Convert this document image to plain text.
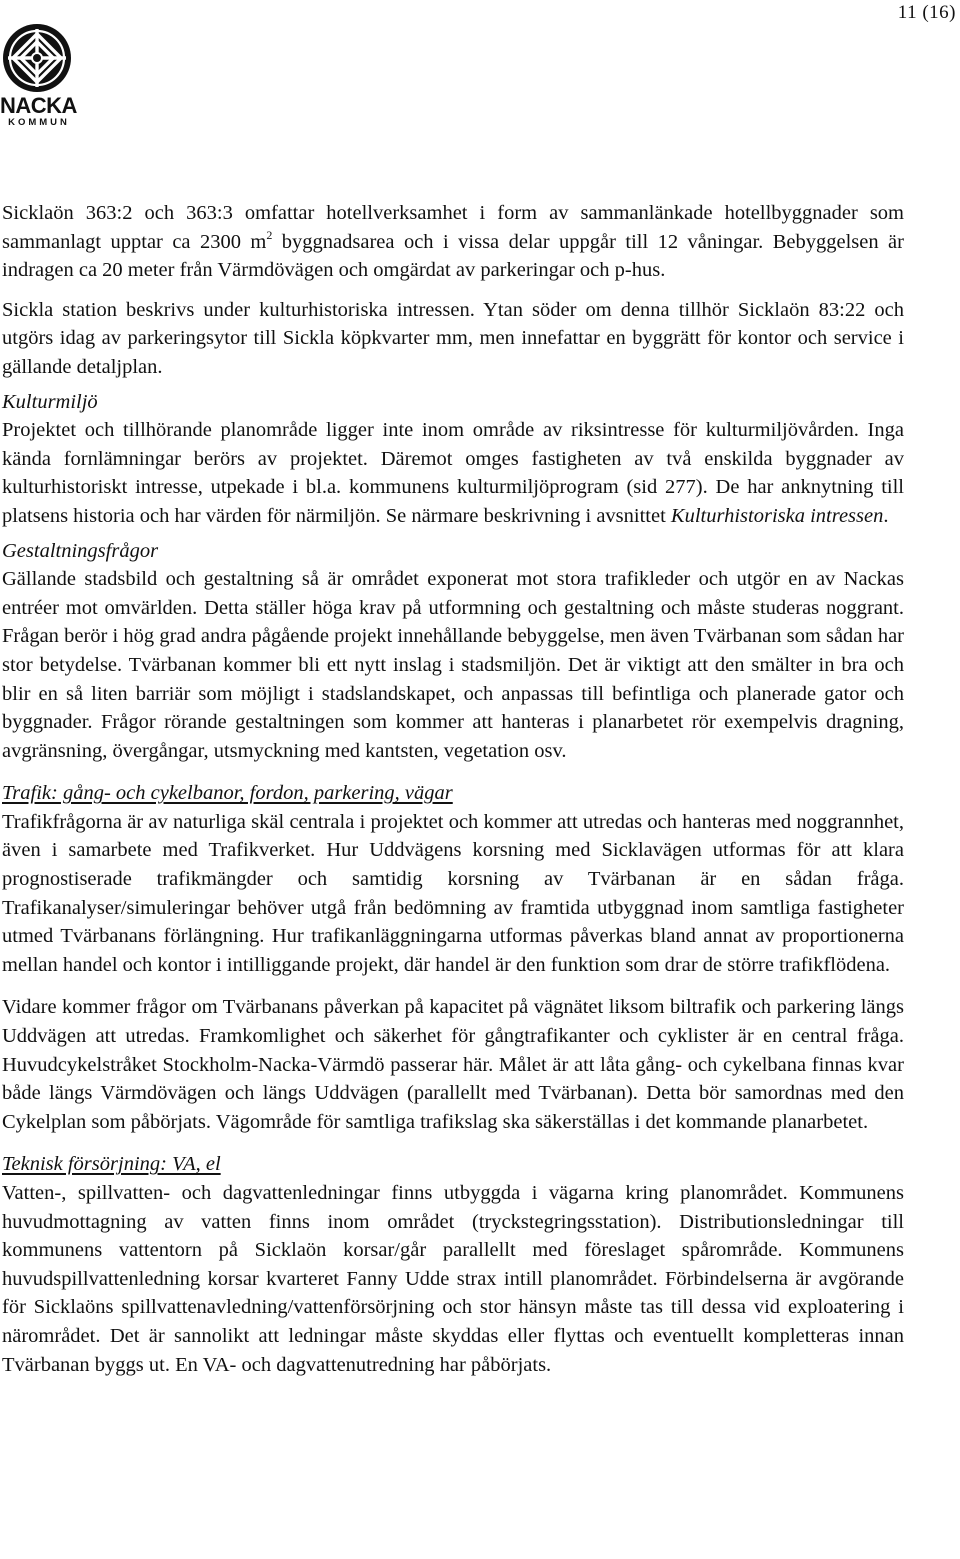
11 (16)
NACKA
KOMMUN

Sicklaön 363:2 och 363:3 omfattar hotellverksamhet i form av sammanlänkade hotellbyggnader som sammanlagt upptar ca 2300 $m^2$ byggnadsarea och i vissa delar uppgår till 12 våningar. Bebyggelsen är indragen ca 20 meter från Värmdövägen och omgärdat av parkeringar och p-hus.

Sickla station beskrivs under kulturhistoriska intressen. Ytan söder om denna tillhör Sicklaön 83:22 och utgörs idag av parkeringsytor till Sickla köpkvarter mm, men innefattar en byggrätt för kontor och service i gällande detaljplan.

Kulturmiljö

Projektet och tillhörande planområde ligger inte inom område av riksintresse för kulturmiljövården. Inga kända fornlämningar berörs av projektet. Däremot omges fastigheten av två enskilda byggnader av kulturhistoriskt intresse, utpekade i bl.a. kommunens kulturmiljöprogram (sid 277). De har anknytning till platsens historia och har värden för närmiljön. Se närmare beskrivning i avsnittet Kulturhistoriska intressen.

Gestaltningsfrågor

Gällande stadsbild och gestaltning så är området exponerat mot stora trafikleder och utgör en av Nackas entréer mot omvärlden. Detta ställer höga krav på utformning och gestaltning och måste studeras noggrant. Frågan berör i hög grad andra pågående projekt innehållande bebyggelse, men även Tvärbanan som sådan har stor betydelse. Tvärbanan kommer bli ett nytt inslag i stadsmiljön. Det är viktigt att den smälter in bra och blir en så liten barriär som möjligt i stadslandskapet, och anpassas till befintliga och planerade gator och byggnader. Frågor rörande gestaltningen som kommer att hanteras i planarbetet rör exempelvis dragning, avgränsning, övergångar, utsmyckning med kantsten, vegetation osv.

Trafik: gång- och cykelbanor, fordon, parkering, vägar

Trafikfrågorna är av naturliga skäl centrala i projektet och kommer att utredas och hanteras med noggrannhet, även i samarbete med Trafikverket. Hur Uddvägens korsning med Sicklavägen utformas för att klara prognostiserade trafikmängder och samtidig korsning av Tvärbanan är en sådan fråga. Trafikanalyser/simuleringar behöver utgå från bedömning av framtida utbyggnad inom samtliga fastigheter utmed Tvärbanans förlängning. Hur trafikanläggningarna utformas påverkas bland annat av proportionerna mellan handel och kontor i intilliggande projekt, där handel är den funktion som drar de större trafikflödena.

Vidare kommer frågor om Tvärbanans påverkan på kapacitet på vägnätet liksom biltrafik och parkering längs Uddvägen att utredas. Framkomlighet och säkerhet för gångtrafikanter och cyklister är en central fråga. Huvudcykelstråket Stockholm-Nacka-Värmdö passerar här. Målet är att låta gång- och cykelbana finnas kvar både längs Värmdövägen och längs Uddvägen (parallellt med Tvärbanan). Detta bör samordnas med den Cykelplan som påbörjats. Vägområde för samtliga trafikslag ska säkerställas i det kommande planarbetet.

Teknisk försörjning: VA, el

Vatten-, spillvatten- och dagvattenledningar finns utbyggda i vägarna kring planområdet. Kommunens huvudmottagning av vatten finns inom området (tryckstegringsstation). Distributionsledningar till kommunens vattentorn på Sicklaön korsar/går parallellt med föreslaget spårområde. Kommunens huvudspillvattenledning korsar kvarteret Fanny Udde strax intill planområdet. Förbindelserna är avgörande för Sicklaöns spillvattenavledning/vattenförsörjning och stor hänsyn måste tas till dessa vid exploatering i närområdet. Det är sannolikt att ledningar måste skyddas eller flyttas och eventuellt kompletteras innan Tvärbanan byggs ut. En VA- och dagvattenutredning har påbörjats.
